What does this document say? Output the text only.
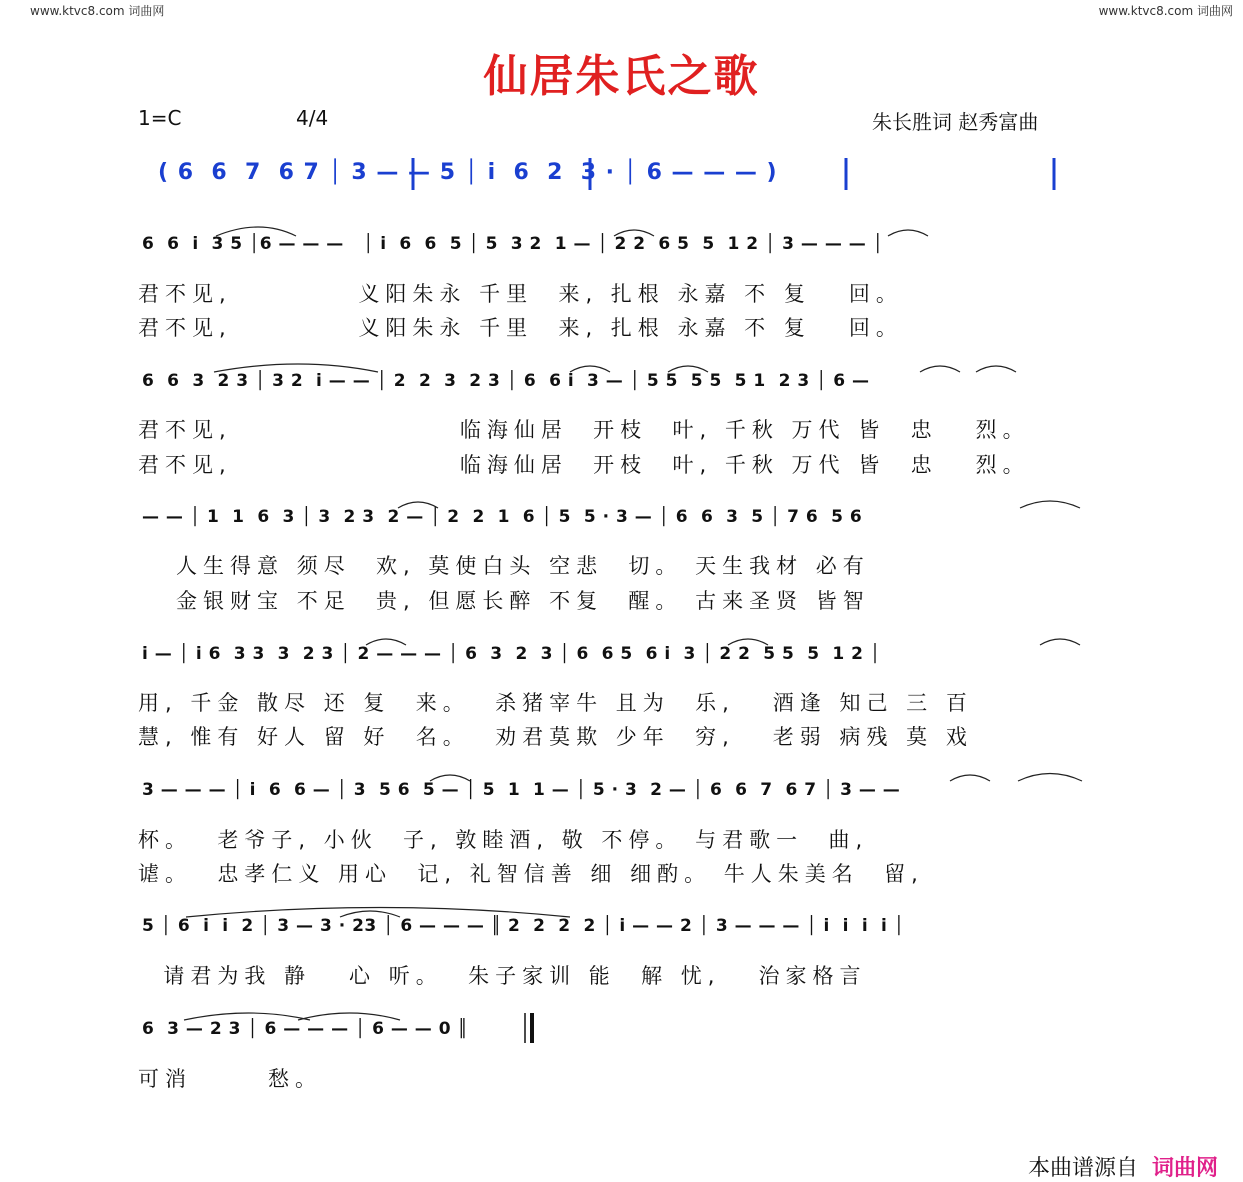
www.ktvc8.com 词曲网	www.ktvc8.com 词曲网
仙居朱氏之歌
1=C	4/4	朱长胜词 赵秀富曲
( 6  6  7  6 7 │ 3 — — 5 │ i  6  2  3 · │ 6 — — — )
6  6  i  3 5 │6 — — —   │ i  6  6  5 │ 5  3 2  1 — │ 2 2  6 5  5  1 2 │ 3 — — — │
君不见,          义阳朱永 千里  来, 扎根 永嘉 不 复   回。
君不见,          义阳朱永 千里  来, 扎根 永嘉 不 复   回。
6  6  3  2 3 │ 3 2  i — — │ 2  2  3  2 3 │ 6  6 i  3 — │ 5 5  5 5  5 1  2 3 │ 6 —
君不见,                  临海仙居  开枝  叶, 千秋 万代 皆  忠   烈。
君不见,                  临海仙居  开枝  叶, 千秋 万代 皆  忠   烈。
— — │ 1  1  6  3 │ 3  2 3  2 — │ 2  2  1  6 │ 5  5 · 3 — │ 6  6  3  5 │ 7 6  5 6
人生得意 须尽  欢, 莫使白头 空悲  切。 天生我材 必有
金银财宝 不足  贵, 但愿长醉 不复  醒。 古来圣贤 皆智
i — │ i 6  3 3  3  2 3 │ 2 — — — │ 6  3  2  3 │ 6  6 5  6 i  3 │ 2 2  5 5  5  1 2 │
用, 千金 散尽 还 复  来。  杀猪宰牛 且为  乐,   酒逢 知己 三 百
慧, 惟有 好人 留 好  名。  劝君莫欺 少年  穷,   老弱 病残 莫 戏
3 — — — │ i  6  6 — │ 3  5 6  5 — │ 5  1  1 — │ 5 · 3  2 — │ 6  6  7  6 7 │ 3 — —
杯。  老爷子, 小伙  子, 敦睦酒, 敬 不停。 与君歌一  曲,
谑。  忠孝仁义 用心  记, 礼智信善 细 细酌。 牛人朱美名  留,
5 │ 6  i  i  2 │ 3 — 3 · 23 │ 6 — — — ║ 2  2  2  2 │ i — — 2 │ 3 — — — │ i  i  i  i │
请君为我 静   心 听。  朱子家训 能  解 忧,   治家格言
6  3 — 2 3 │ 6 — — — │ 6 — — 0 ║
可消      愁。

本曲谱源自 词曲网
